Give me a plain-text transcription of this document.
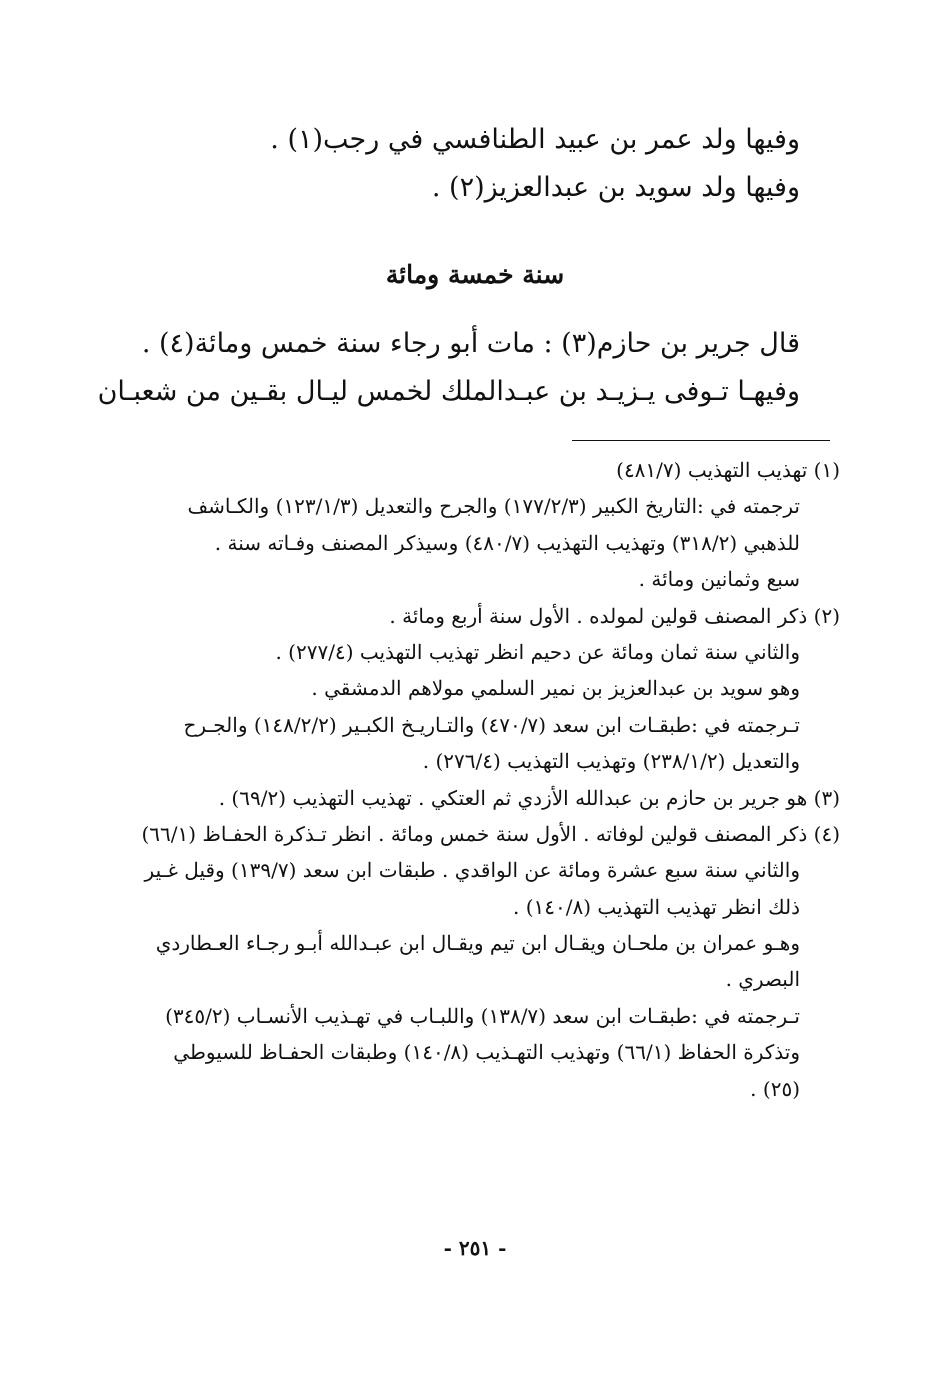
وفيها ولد عمر بن عبيد الطنافسي في رجب(١) .
وفيها ولد سويد بن عبدالعزيز(٢) .
سنة خمسة ومائة
قال جرير بن حازم(٣) : مات أبو رجاء سنة خمس ومائة(٤) .
وفيهـا تـوفى يـزيـد بن عبـدالملك لخمس ليـال بقـين من شعبـان
(١) تهذيب التهذيب (٤٨١/٧)
ترجمته في :التاريخ الكبير (١٧٧/٢/٣) والجرح والتعديل (١٢٣/١/٣) والكـاشف
للذهبي (٣١٨/٢) وتهذيب التهذيب (٤٨٠/٧) وسيذكر المصنف وفـاته سنة .
سبع وثمانين ومائة .
(٢) ذكر المصنف قولين لمولده . الأول سنة أربع ومائة .
والثاني سنة ثمان ومائة عن دحيم انظر تهذيب التهذيب (٢٧٧/٤) .
وهو سويد بن عبدالعزيز بن نمير السلمي مولاهم الدمشقي .
تـرجمته في :طبقـات ابن سعد (٤٧٠/٧) والتـاريـخ الكبـير (١٤٨/٢/٢) والجـرح
والتعديل (٢٣٨/١/٢) وتهذيب التهذيب (٢٧٦/٤) .
(٣) هو جرير بن حازم بن عبدالله الأزدي ثم العتكي . تهذيب التهذيب (٦٩/٢) .
(٤) ذكر المصنف قولين لوفاته . الأول سنة خمس ومائة . انظر تـذكرة الحفـاظ (٦٦/١)
والثاني سنة سبع عشرة ومائة عن الواقدي . طبقات ابن سعد (١٣٩/٧) وقيل غـير
ذلك انظر تهذيب التهذيب (١٤٠/٨) .
وهـو عمران بن ملحـان ويقـال ابن تيم ويقـال ابن عبـدالله أبـو رجـاء العـطاردي
البصري .
تـرجمته في :طبقـات ابن سعد (١٣٨/٧) واللبـاب في تهـذيب الأنسـاب (٣٤٥/٢)
وتذكرة الحفاظ (٦٦/١) وتهذيب التهـذيب (١٤٠/٨) وطبقات الحفـاظ للسيوطي
(٢٥) .
- ٢٥١ -
